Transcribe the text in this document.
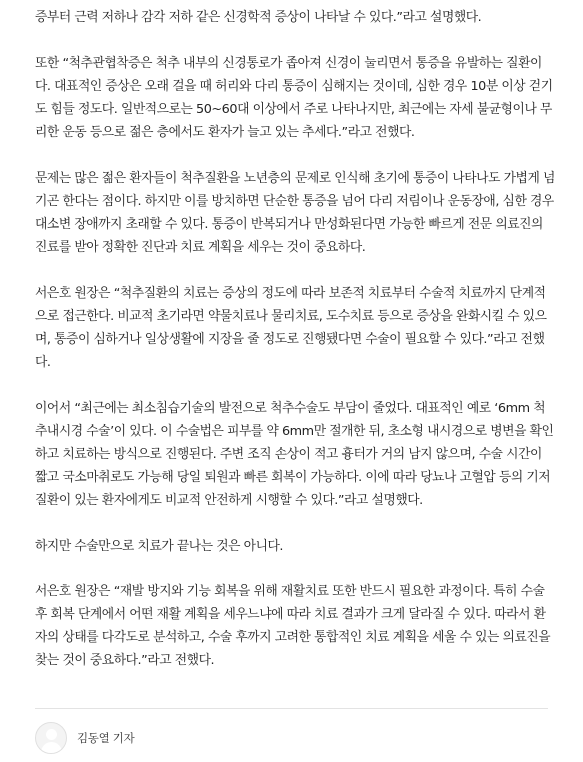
증부터 근력 저하나 감각 저하 같은 신경학적 증상이 나타날 수 있다.”라고 설명했다.

또한 “척추관협착증은 척추 내부의 신경통로가 좁아져 신경이 눌리면서 통증을 유발하는 질환이다. 대표적인 증상은 오래 걸을 때 허리와 다리 통증이 심해지는 것이데, 심한 경우 10분 이상 걷기도 힘들 정도다. 일반적으로는 50~60대 이상에서 주로 나타나지만, 최근에는 자세 불균형이나 무리한 운동 등으로 젊은 층에서도 환자가 늘고 있는 추세다.”라고 전했다.

문제는 많은 젊은 환자들이 척추질환을 노년층의 문제로 인식해 초기에 통증이 나타나도 가볍게 넘기곤 한다는 점이다. 하지만 이를 방치하면 단순한 통증을 넘어 다리 저림이나 운동장애, 심한 경우 대소변 장애까지 초래할 수 있다. 통증이 반복되거나 만성화된다면 가능한 빠르게 전문 의료진의 진료를 받아 정확한 진단과 치료 계획을 세우는 것이 중요하다.

서은호 원장은 “척추질환의 치료는 증상의 정도에 따라 보존적 치료부터 수술적 치료까지 단계적으로 접근한다. 비교적 초기라면 약물치료나 물리치료, 도수치료 등으로 증상을 완화시킬 수 있으며, 통증이 심하거나 일상생활에 지장을 줄 정도로 진행됐다면 수술이 필요할 수 있다.”라고 전했다.

이어서 “최근에는 최소침습기술의 발전으로 척추수술도 부담이 줄었다. 대표적인 예로 ‘6mm 척추내시경 수술’이 있다. 이 수술법은 피부를 약 6mm만 절개한 뒤, 초소형 내시경으로 병변을 확인하고 치료하는 방식으로 진행된다. 주변 조직 손상이 적고 흉터가 거의 남지 않으며, 수술 시간이 짧고 국소마취로도 가능해 당일 퇴원과 빠른 회복이 가능하다. 이에 따라 당뇨나 고혈압 등의 기저질환이 있는 환자에게도 비교적 안전하게 시행할 수 있다.”라고 설명했다.

하지만 수술만으로 치료가 끝나는 것은 아니다.

서은호 원장은 “재발 방지와 기능 회복을 위해 재활치료 또한 반드시 필요한 과정이다. 특히 수술 후 회복 단계에서 어떤 재활 계획을 세우느냐에 따라 치료 결과가 크게 달라질 수 있다. 따라서 환자의 상태를 다각도로 분석하고, 수술 후까지 고려한 통합적인 치료 계획을 세울 수 있는 의료진을 찾는 것이 중요하다.”라고 전했다.

김동열 기자
